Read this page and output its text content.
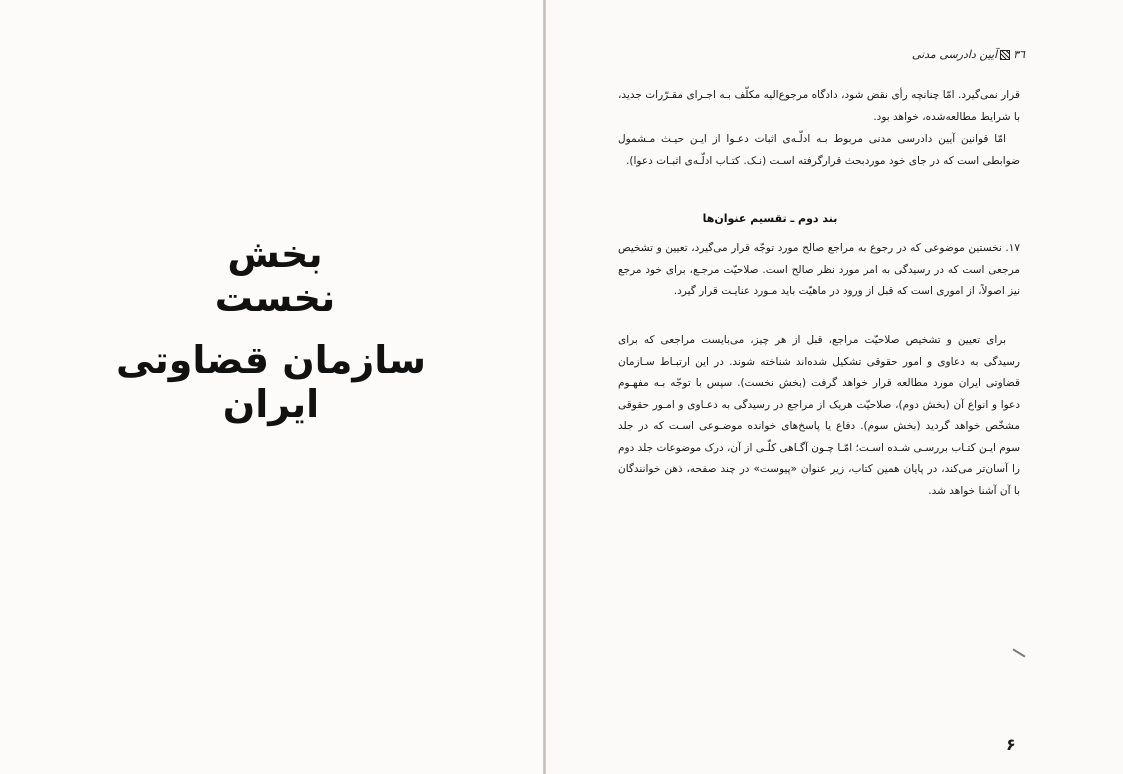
بخش نخست
سازمان قضاوتی ایران
٣٦آیین دادرسی مدنی

قرار نمی‌گیرد. امّا چنانچه رأی نقض شود، دادگاه مرجوع‌الیه مکلّف بـه اجـرای مقـرّرات جدید، با شرایط مطالعه‌شده، خواهد بود.

امّا قوانین آیین دادرسی مدنی مربوط بـه ادلّـه‌ی اثبات دعـوا از ایـن حیـث مـشمول ضوابطی است که در جای خود موردبحث قرارگرفته اسـت (نـک. کتـاب ادلّـه‌ی اثبـات دعوا).

بند دوم ـ تقسیم عنوان‌ها

١٧. نخستین موضوعی که در رجوع به مراجع صالح مورد توجّه قرار می‌گیرد، تعیین و تشخیص مرجعی است که در رسیدگی به امر مورد نظر صالح است. صلاحیّت مرجـع، برای خود مرجع نیز اصولاً، از اموری است که قبل از ورود در ماهیّت باید مـورد عنایـت قرار گیرد.

برای تعیین و تشخیص صلاحیّت مراجع، قبل از هر چیز، می‌بایست مراجعی که برای رسیدگی به دعاوی و امور حقوقی تشکیل شده‌اند شناخته شوند. در این ارتبـاط سـازمان قضاوتی ایران مورد مطالعه قرار خواهد گرفت (بخش نخست). سپس با توجّه بـه مفهـوم دعوا و انواع آن (بخش دوم)، صلاحیّت هریک از مراجع در رسیدگی به دعـاوی و امـور حقوقی مشخّص خواهد گردید (بخش سوم). دفاع یا پاسخ‌های خوانده موضـوعی اسـت که در جلد سوم ایـن کتـاب بررسـی شـده اسـت؛ امّـا چـون آگـاهی کلّـی از آن، درک موضوعات جلد دوم را آسان‌تر می‌کند، در پایان همین کتاب، زیر عنوان «پیوست» در چند صفحه، ذهن خوانندگان با آن آشنا خواهد شد.

۶
